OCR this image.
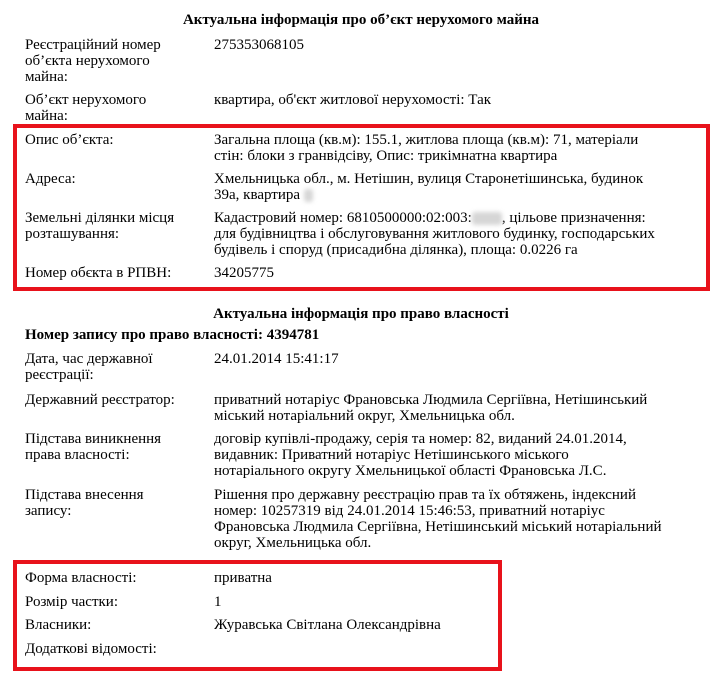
Актуальна інформація про об’єкт нерухомого майна
Реєстраційний номер
об’єкта нерухомого
майна:
275353068105
Об’єкт нерухомого
майна:
квартира, об'єкт житлової нерухомості: Так
Опис об’єкта:	Загальна площа (кв.м): 155.1, житлова площа (кв.м): 71, матеріали
стін: блоки з гранвідсіву, Опис: трикімнатна квартира
Адреса:	Хмельницька обл., м. Нетішин, вулиця Старонетішинська, будинок
39а, квартира
Земельні ділянки місця
розташування:
Кадастровий номер: 6810500000:02:003: , цільове призначення:
для будівництва і обслуговування житлового будинку, господарських
будівель і споруд (присадибна ділянка), площа: 0.0226 га
Номер обєкта в РПВН:	34205775
Актуальна інформація про право власності
Номер запису про право власності: 4394781
Дата, час державної
реєстрації:
24.01.2014 15:41:17
Державний реєстратор:	приватний нотаріус Франовська Людмила Сергіївна, Нетішинський
міський нотаріальний округ, Хмельницька обл.
Підстава виникнення
права власності:
договір купівлі-продажу, серія та номер: 82, виданий 24.01.2014,
видавник: Приватний нотаріус Нетішинського міського
нотаріального округу Хмельницької області Франовська Л.С.
Підстава внесення
запису:
Рішення про державну реєстрацію прав та їх обтяжень, індексний
номер: 10257319 від 24.01.2014 15:46:53, приватний нотаріус
Франовська Людмила Сергіївна, Нетішинський міський нотаріальний
округ, Хмельницька обл.
Форма власності:	приватна
Розмір частки:	1
Власники:	Журавська Світлана Олександрівна
Додаткові відомості:
